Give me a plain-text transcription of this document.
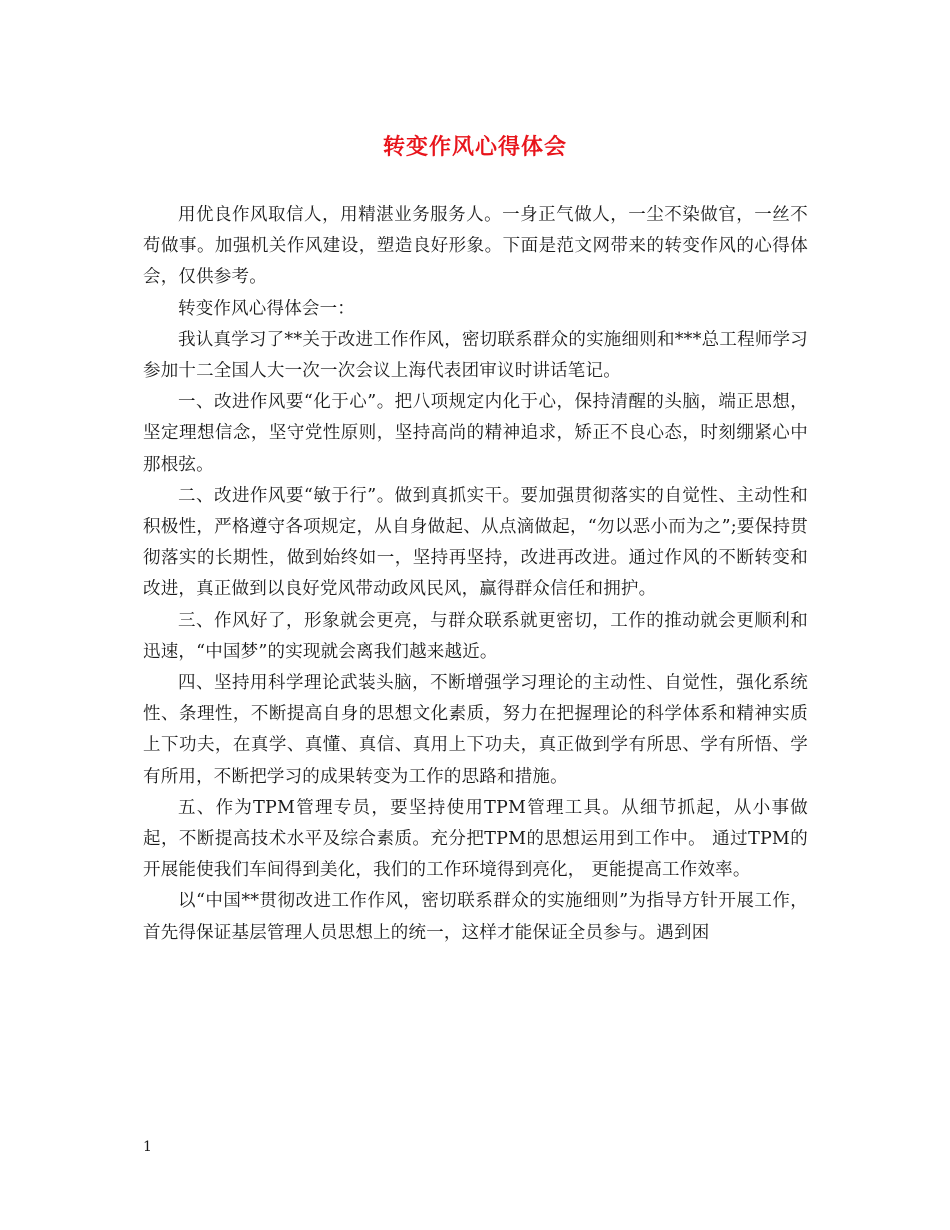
转变作风心得体会

用优良作风取信人，用精湛业务服务人。一身正气做人，一尘不染做官，一丝不苟做事。加强机关作风建设，塑造良好形象。下面是范文网带来的转变作风的心得体会，仅供参考。

转变作风心得体会一：

我认真学习了**关于改进工作作风，密切联系群众的实施细则和***总工程师学习参加十二全国人大一次一次会议上海代表团审议时讲话笔记。

一、改进作风要“化于心”。把八项规定内化于心，保持清醒的头脑，端正思想，坚定理想信念，坚守党性原则，坚持高尚的精神追求，矫正不良心态，时刻绷紧心中那根弦。

二、改进作风要“敏于行”。做到真抓实干。要加强贯彻落实的自觉性、主动性和积极性，严格遵守各项规定，从自身做起、从点滴做起，“勿以恶小而为之”;要保持贯彻落实的长期性，做到始终如一，坚持再坚持，改进再改进。通过作风的不断转变和改进，真正做到以良好党风带动政风民风，赢得群众信任和拥护。

三、作风好了，形象就会更亮，与群众联系就更密切，工作的推动就会更顺利和迅速，“中国梦”的实现就会离我们越来越近。

四、坚持用科学理论武装头脑，不断增强学习理论的主动性、自觉性，强化系统性、条理性，不断提高自身的思想文化素质，努力在把握理论的科学体系和精神实质上下功夫，在真学、真懂、真信、真用上下功夫，真正做到学有所思、学有所悟、学有所用，不断把学习的成果转变为工作的思路和措施。

五、作为TPM管理专员，要坚持使用TPM管理工具。从细节抓起，从小事做起，不断提高技术水平及综合素质。充分把TPM的思想运用到工作中。 通过TPM的开展能使我们车间得到美化，我们的工作环境得到亮化， 更能提高工作效率。

以“中国**贯彻改进工作作风，密切联系群众的实施细则”为指导方针开展工作，首先得保证基层管理人员思想上的统一，这样才能保证全员参与。遇到困

1
